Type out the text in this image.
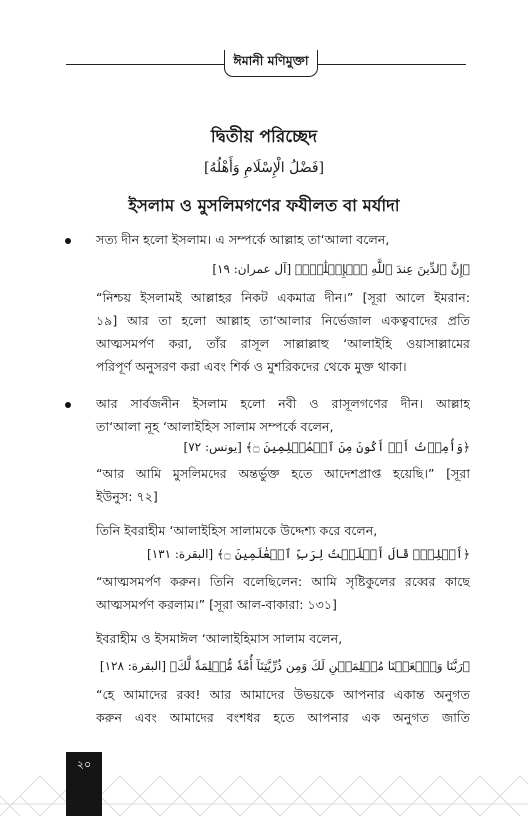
ঈমানী মণিমুক্তা
দ্বিতীয় পরিচ্ছেদ
[فَضْلُ الْإِسْلَامِ وَأَهْلُهُ]
ইসলাম ও মুসলিমগণের ফযীলত বা মর্যাদা
সত্য দীন হলো ইসলাম। এ সম্পর্কে আল্লাহ তা‘আলা বলেন,
﴿إِنَّ ٱلدِّينَ عِندَ ٱللَّهِ ٱلۡإِسۡلَٰمُۗ﴾ [آل عمران: ١٩]
“নিশ্চয় ইসলামই আল্লাহর নিকট একমাত্র দীন।” [সূরা আলে ইমরান:
১৯] আর তা হলো আল্লাহ তা‘আলার নির্ভেজাল একত্ববাদের প্রতি
আত্মসমর্পণ করা, তাঁর রাসূল সাল্লাল্লাহু ‘আলাইহি ওয়াসাল্লামের
পরিপূর্ণ অনুসরণ করা এবং শির্ক ও মুশরিকদের থেকে মুক্ত থাকা।
আর সার্বজনীন ইসলাম হলো নবী ও রাসূলগণের দীন। আল্লাহ
তা‘আলা নূহ ‘আলাইহিস সালাম সম্পর্কে বলেন,
﴿وَأُمِرۡتُ أَنۡ أَكُونَ مِنَ ٱلۡمُسۡلِمِينَ ۝﴾ [يونس: ٧٢]
“আর আমি মুসলিমদের অন্তর্ভুক্ত হতে আদেশপ্রাপ্ত হয়েছি।” [সূরা
ইউনুস: ৭২]
তিনি ইবরাহীম ‘আলাইহিস সালামকে উদ্দেশ্য করে বলেন,
﴿أَسۡلِمۡۖ قَالَ أَسۡلَمۡتُ لِرَبِّ ٱلۡعَٰلَمِينَ ۝﴾ [البقرة: ١٣١]
“আত্মসমর্পণ করুন। তিনি বলেছিলেন: আমি সৃষ্টিকুলের রব্বের কাছে
আত্মসমর্পণ করলাম।” [সূরা আল-বাকারা: ১৩১]
ইবরাহীম ও ইসমাঈল ‘আলাইহিমাস সালাম বলেন,
﴿رَبَّنَا وَٱجۡعَلۡنَا مُسۡلِمَيۡنِ لَكَ وَمِن ذُرِّيَّتِنَآ أُمَّةٗ مُّسۡلِمَةٗ لَّكَ﴾ [البقرة: ١٢٨]
“হে আমাদের রব্ব! আর আমাদের উভয়কে আপনার একান্ত অনুগত
করুন এবং আমাদের বংশধর হতে আপনার এক অনুগত জাতি
২০
